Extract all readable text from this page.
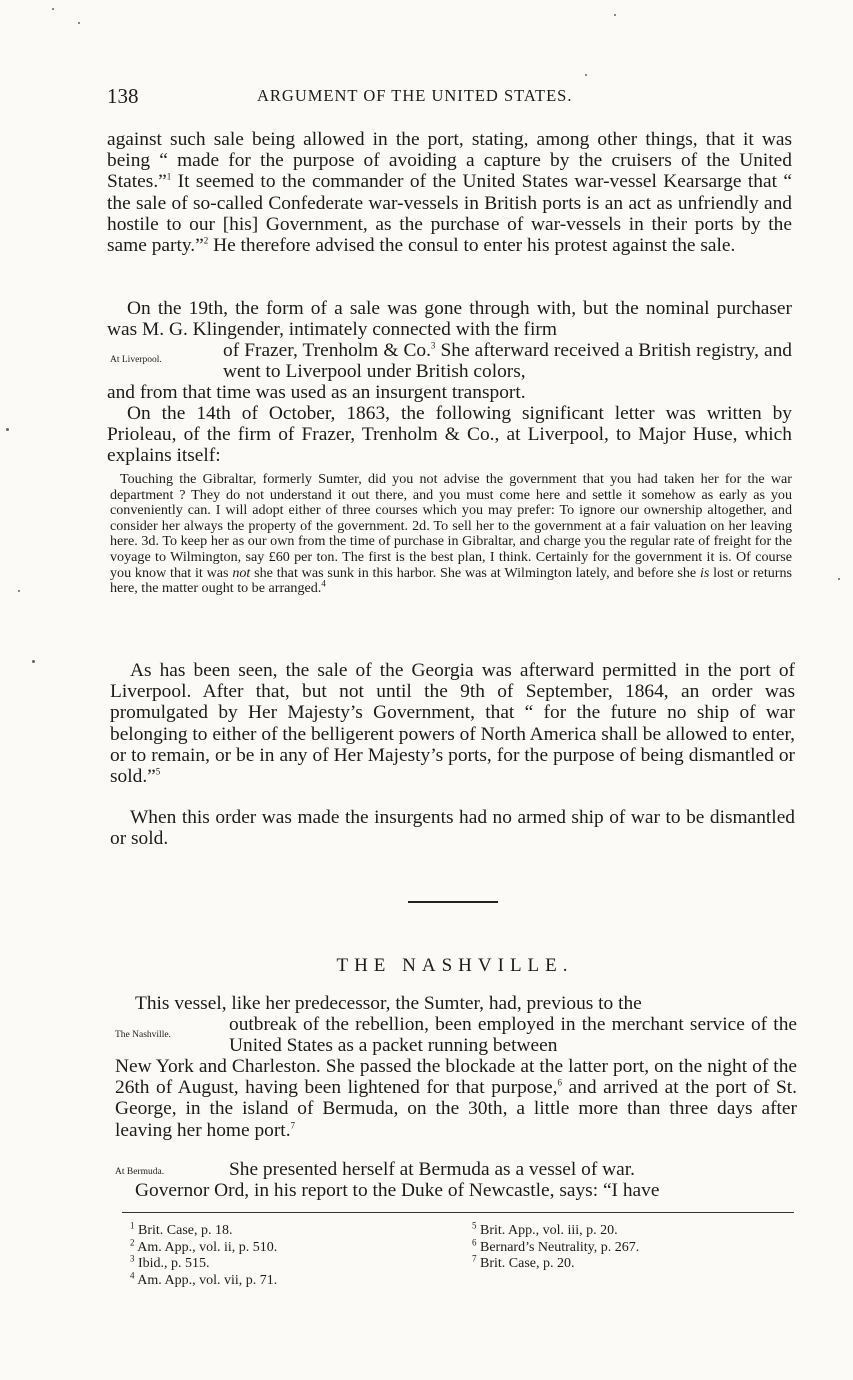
138	ARGUMENT OF THE UNITED STATES.

against such sale being allowed in the port, stating, among other things, that it was being “ made for the purpose of avoiding a capture by the cruisers of the United States.”$^1$ It seemed to the commander of the United States war-vessel Kearsarge that “ the sale of so-called Confederate war-vessels in British ports is an act as unfriendly and hostile to our [his] Government, as the purchase of war-vessels in their ports by the same party.”$^2$ He therefore advised the consul to enter his protest against the sale.

On the 19th, the form of a sale was gone through with, but the nominal purchaser was M. G. Klingender, intimately connected with the firm

At Liverpool.	of Frazer, Trenholm & Co.$^3$ She afterward received a British registry, and went to Liverpool under British colors,

and from that time was used as an insurgent transport.

On the 14th of October, 1863, the following significant letter was written by Prioleau, of the firm of Frazer, Trenholm & Co., at Liverpool, to Major Huse, which explains itself:

Touching the Gibraltar, formerly Sumter, did you not advise the government that you had taken her for the war department ? They do not understand it out there, and you must come here and settle it somehow as early as you conveniently can. I will adopt either of three courses which you may prefer: To ignore our ownership altogether, and consider her always the property of the government. 2d. To sell her to the government at a fair valuation on her leaving here. 3d. To keep her as our own from the time of purchase in Gibraltar, and charge you the regular rate of freight for the voyage to Wilmington, say £60 per ton. The first is the best plan, I think. Certainly for the government it is. Of course you know that it was not she that was sunk in this harbor. She was at Wilmington lately, and before she is lost or returns here, the matter ought to be arranged.$^4$

As has been seen, the sale of the Georgia was afterward permitted in the port of Liverpool. After that, but not until the 9th of September, 1864, an order was promulgated by Her Majesty’s Government, that “ for the future no ship of war belonging to either of the belligerent powers of North America shall be allowed to enter, or to remain, or be in any of Her Majesty’s ports, for the purpose of being dismantled or sold.”$^5$

When this order was made the insurgents had no armed ship of war to be dismantled or sold.

THE NASHVILLE.

This vessel, like her predecessor, the Sumter, had, previous to the

The Nashville.	outbreak of the rebellion, been employed in the merchant service of the United States as a packet running between

New York and Charleston. She passed the blockade at the latter port, on the night of the 26th of August, having been lightened for that purpose,$^6$ and arrived at the port of St. George, in the island of Bermuda, on the 30th, a little more than three days after leaving her home port.$^7$

At Bermuda.	She presented herself at Bermuda as a vessel of war.

Governor Ord, in his report to the Duke of Newcastle, says: “I have

$^1$ Brit. Case, p. 18.
$^2$ Am. App., vol. ii, p. 510.
$^3$ Ibid., p. 515.
$^4$ Am. App., vol. vii, p. 71.
$^5$ Brit. App., vol. iii, p. 20.
$^6$ Bernard’s Neutrality, p. 267.
$^7$ Brit. Case, p. 20.
